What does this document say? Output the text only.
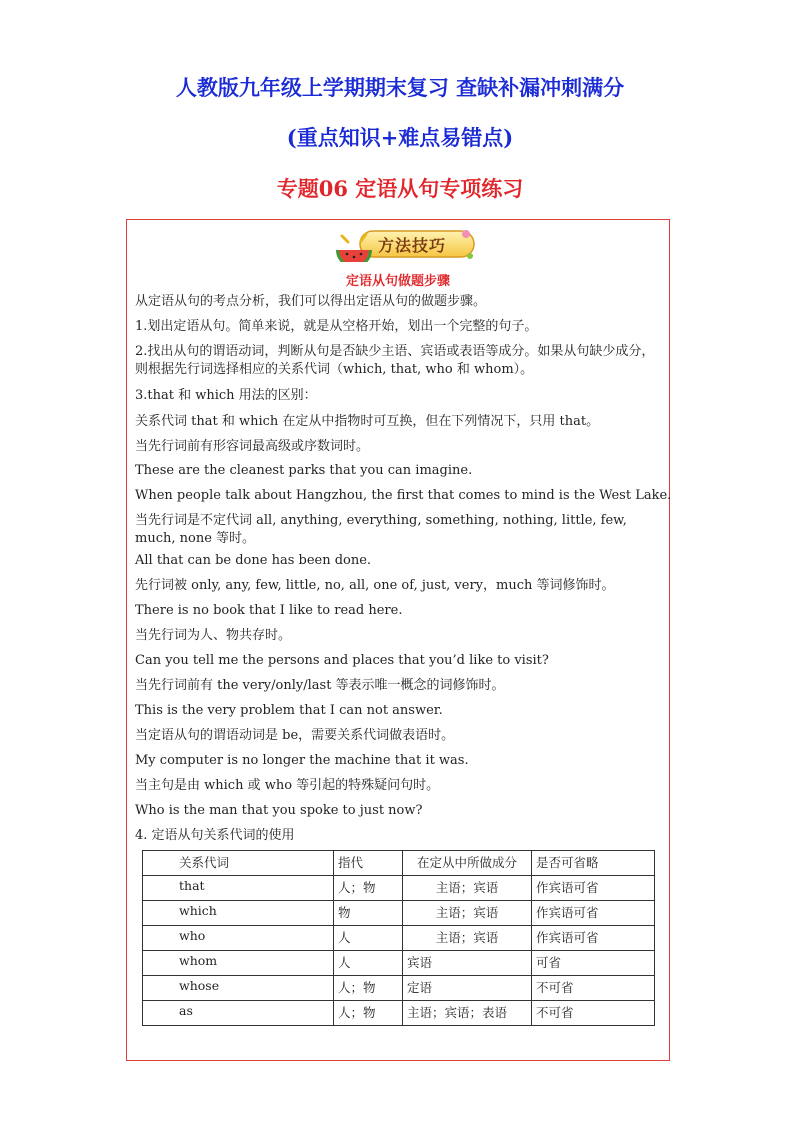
人教版九年级上学期期末复习 查缺补漏冲刺满分
(重点知识+难点易错点)
专题06 定语从句专项练习
方法技巧
定语从句做题步骤
从定语从句的考点分析，我们可以得出定语从句的做题步骤。
1.划出定语从句。简单来说，就是从空格开始，划出一个完整的句子。
2.找出从句的谓语动词，判断从句是否缺少主语、宾语或表语等成分。如果从句缺少成分，则根据先行词选择相应的关系代词（which, that, who 和 whom）。
3.that 和 which 用法的区别：
关系代词 that 和 which 在定从中指物时可互换，但在下列情况下，只用 that。
当先行词前有形容词最高级或序数词时。
These are the cleanest parks that you can imagine.
When people talk about Hangzhou, the first that comes to mind is the West Lake.
当先行词是不定代词 all, anything, everything, something, nothing, little, few, much, none 等时。
All that can be done has been done.
先行词被 only, any, few, little, no, all, one of, just, very，much 等词修饰时。
There is no book that I like to read here.
当先行词为人、物共存时。
Can you tell me the persons and places that you’d like to visit?
当先行词前有 the very/only/last 等表示唯一概念的词修饰时。
This is the very problem that I can not answer.
当定语从句的谓语动词是 be，需要关系代词做表语时。
My computer is no longer the machine that it was.
当主句是由 which 或 who 等引起的特殊疑问句时。
Who is the man that you spoke to just now?
4. 定语从句关系代词的使用
关系代词	指代	在定从中所做成分	是否可省略
that	人；物	主语；宾语	作宾语可省
which	物	主语；宾语	作宾语可省
who	人	主语；宾语	作宾语可省
whom	人	宾语	可省
whose	人；物	定语	不可省
as	人；物	主语；宾语；表语	不可省
